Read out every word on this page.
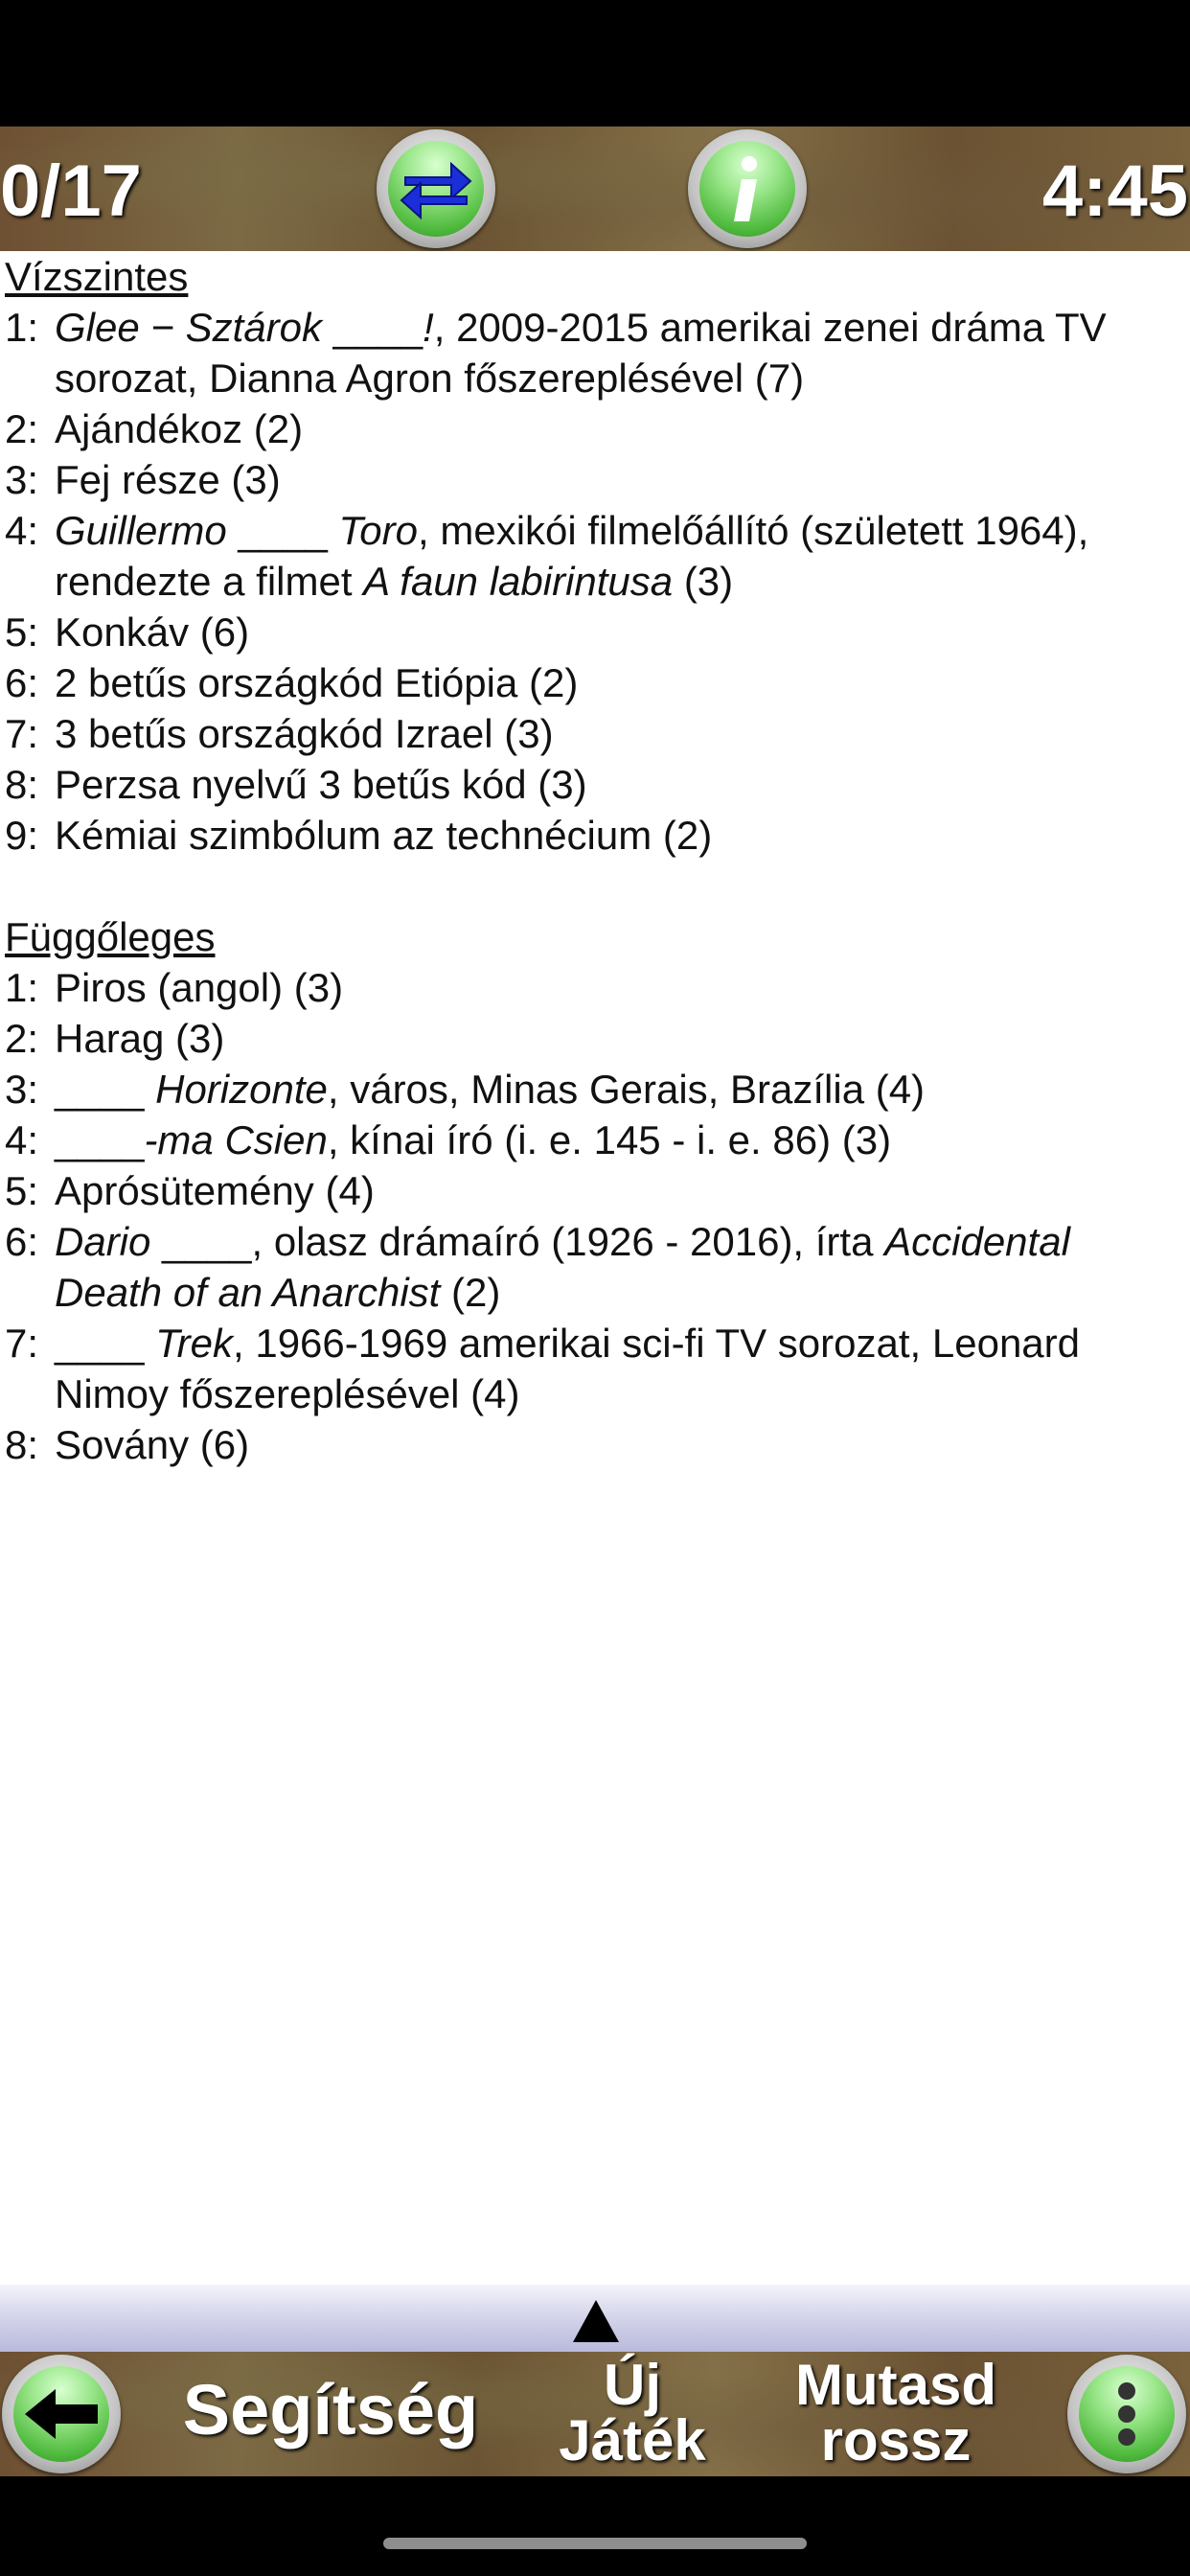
0/17	4:45
Vízszintes
1: Glee − Sztárok ____!, 2009-2015 amerikai zenei dráma TV sorozat, Dianna Agron főszereplésével (7)
2: Ajándékoz (2)
3: Fej része (3)
4: Guillermo ____ Toro, mexikói filmelőállító (született 1964), rendezte a filmet A faun labirintusa (3)
5: Konkáv (6)
6: 2 betűs országkód Etiópia (2)
7: 3 betűs országkód Izrael (3)
8: Perzsa nyelvű 3 betűs kód (3)
9: Kémiai szimbólum az technécium (2)
Függőleges
1: Piros (angol) (3)
2: Harag (3)
3: ____ Horizonte, város, Minas Gerais, Brazília (4)
4: ____-ma Csien, kínai író (i. e. 145 - i. e. 86) (3)
5: Aprósütemény (4)
6: Dario ____, olasz drámaíró (1926 - 2016), írta Accidental Death of an Anarchist (2)
7: ____ Trek, 1966-1969 amerikai sci-fi TV sorozat, Leonard Nimoy főszereplésével (4)
8: Sovány (6)
Segítség	Új
Játék
Mutasd
rossz
